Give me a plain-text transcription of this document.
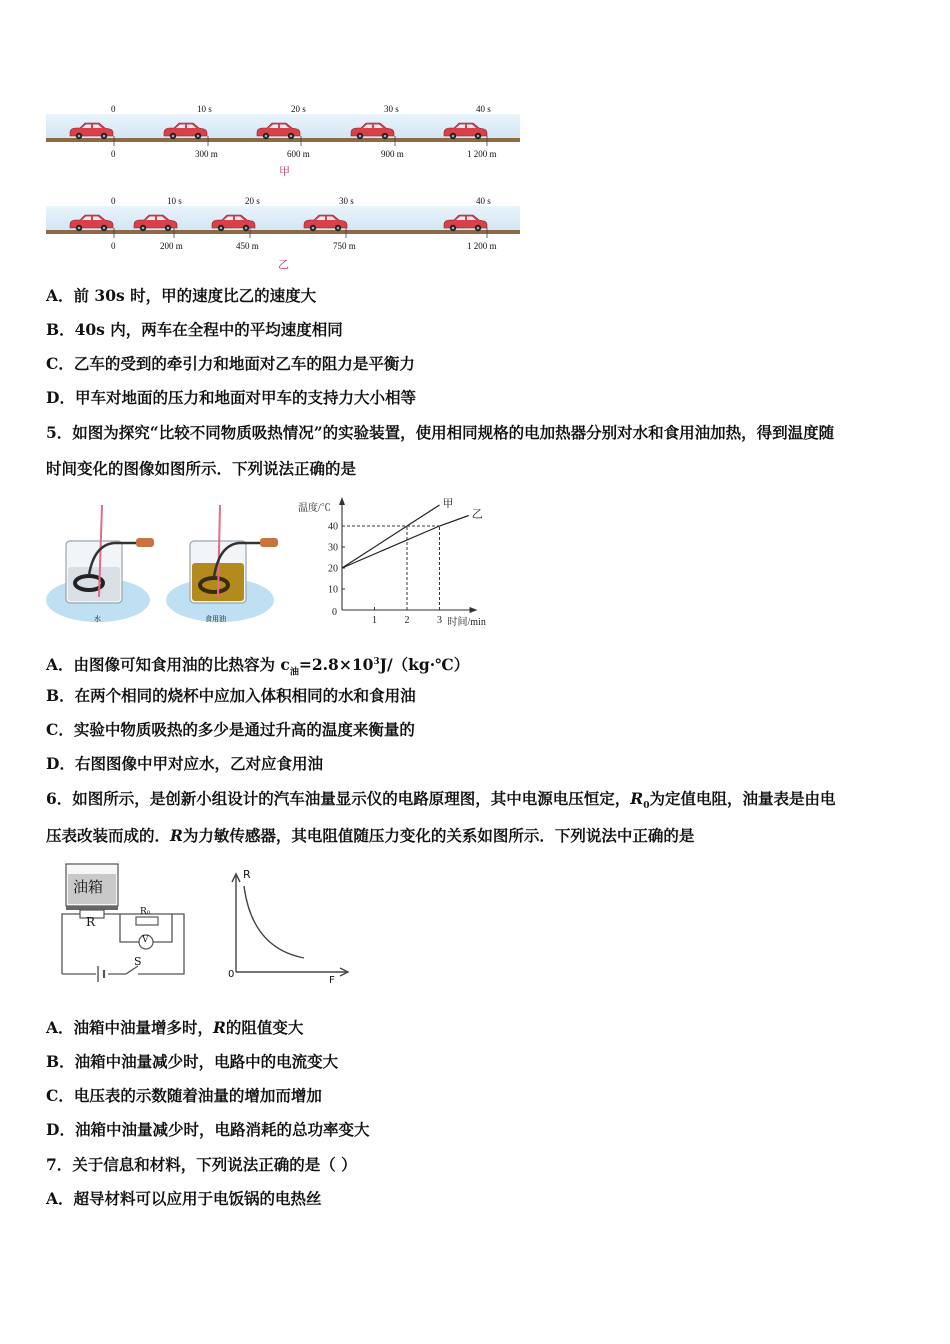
0	10 s	20 s	30 s	40 s
0	300 m	600 m	900 m	1 200 m
甲
0	10 s	20 s	30 s	40 s
0	200 m	450 m	750 m	1 200 m
乙
A．前 30s 时，甲的速度比乙的速度大
B．40s 内，两车在全程中的平均速度相同
C．乙车的受到的牵引力和地面对乙车的阻力是平衡力
D．甲车对地面的压力和地面对甲车的支持力大小相等
5．如图为探究“比较不同物质吸热情况”的实验装置，使用相同规格的电加热器分别对水和食用油加热，得到温度随
时间变化的图像如图所示．下列说法正确的是
水	食用油
10
20
30
40
1	2	3
0
甲
乙
温度/℃
时间/min
A．由图像可知食用油的比热容为 $c_油=2.8\times 10^3J/(kg\cdot℃)$
B．在两个相同的烧杯中应加入体积相同的水和食用油
C．实验中物质吸热的多少是通过升高的温度来衡量的
D．右图图像中甲对应水，乙对应食用油
6．如图所示，是创新小组设计的汽车油量显示仪的电路原理图，其中电源电压恒定，$R_0$为定值电阻，油量表是由电
压表改装而成的．R为力敏传感器，其电阻值随压力变化的关系如图所示．下列说法中正确的是
油箱
R
R₀
V
S
R
0
F
A．油箱中油量增多时，R的阻值变大
B．油箱中油量减少时，电路中的电流变大
C．电压表的示数随着油量的增加而增加
D．油箱中油量减少时，电路消耗的总功率变大
7．关于信息和材料，下列说法正确的是（ ）
A．超导材料可以应用于电饭锅的电热丝
